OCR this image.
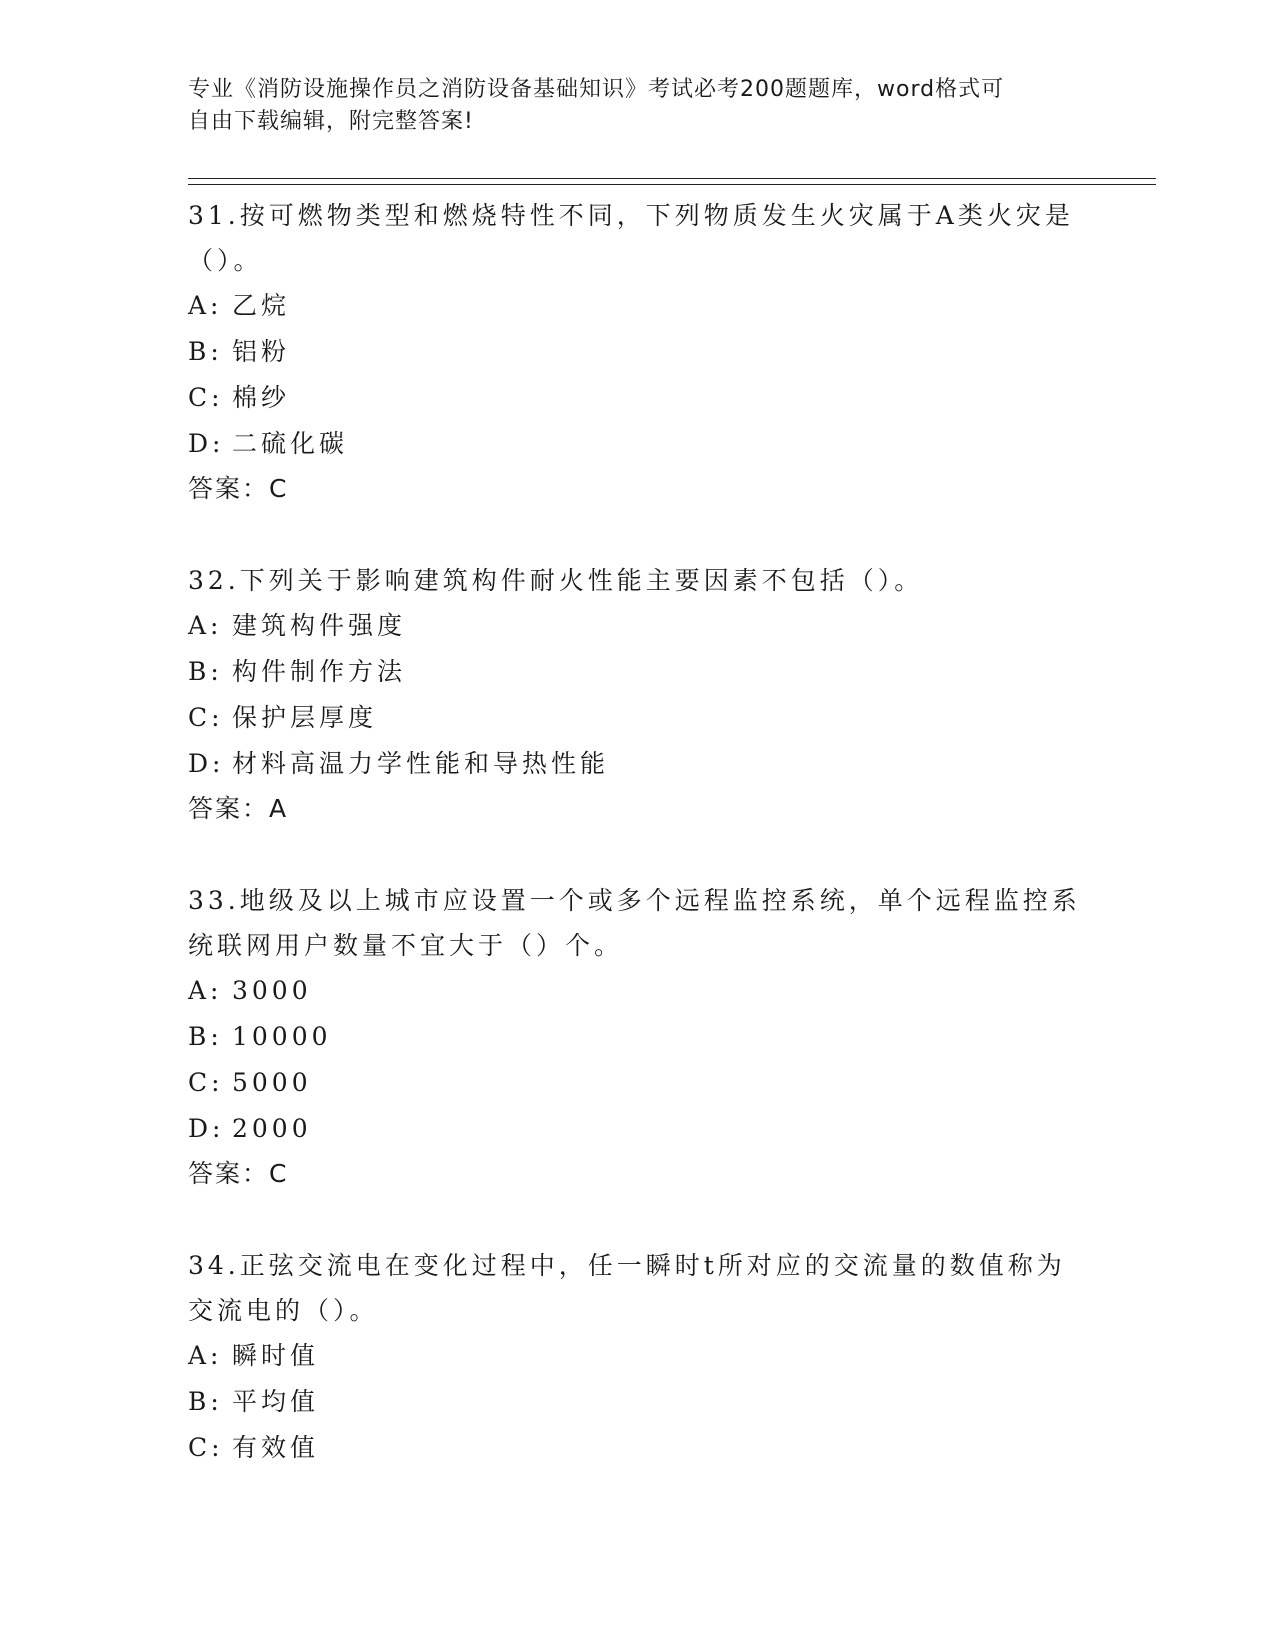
专业《消防设施操作员之消防设备基础知识》考试必考200题题库，word格式可
自由下载编辑，附完整答案!
31.按可燃物类型和燃烧特性不同，下列物质发生火灾属于A类火灾是
（）。
A: 乙烷
B: 铝粉
C: 棉纱
D: 二硫化碳
答案：C
32.下列关于影响建筑构件耐火性能主要因素不包括（）。
A: 建筑构件强度
B: 构件制作方法
C: 保护层厚度
D: 材料高温力学性能和导热性能
答案：A
33.地级及以上城市应设置一个或多个远程监控系统，单个远程监控系
统联网用户数量不宜大于（）个。
A: 3000
B: 10000
C: 5000
D: 2000
答案：C
34.正弦交流电在变化过程中，任一瞬时t所对应的交流量的数值称为
交流电的（）。
A: 瞬时值
B: 平均值
C: 有效值
